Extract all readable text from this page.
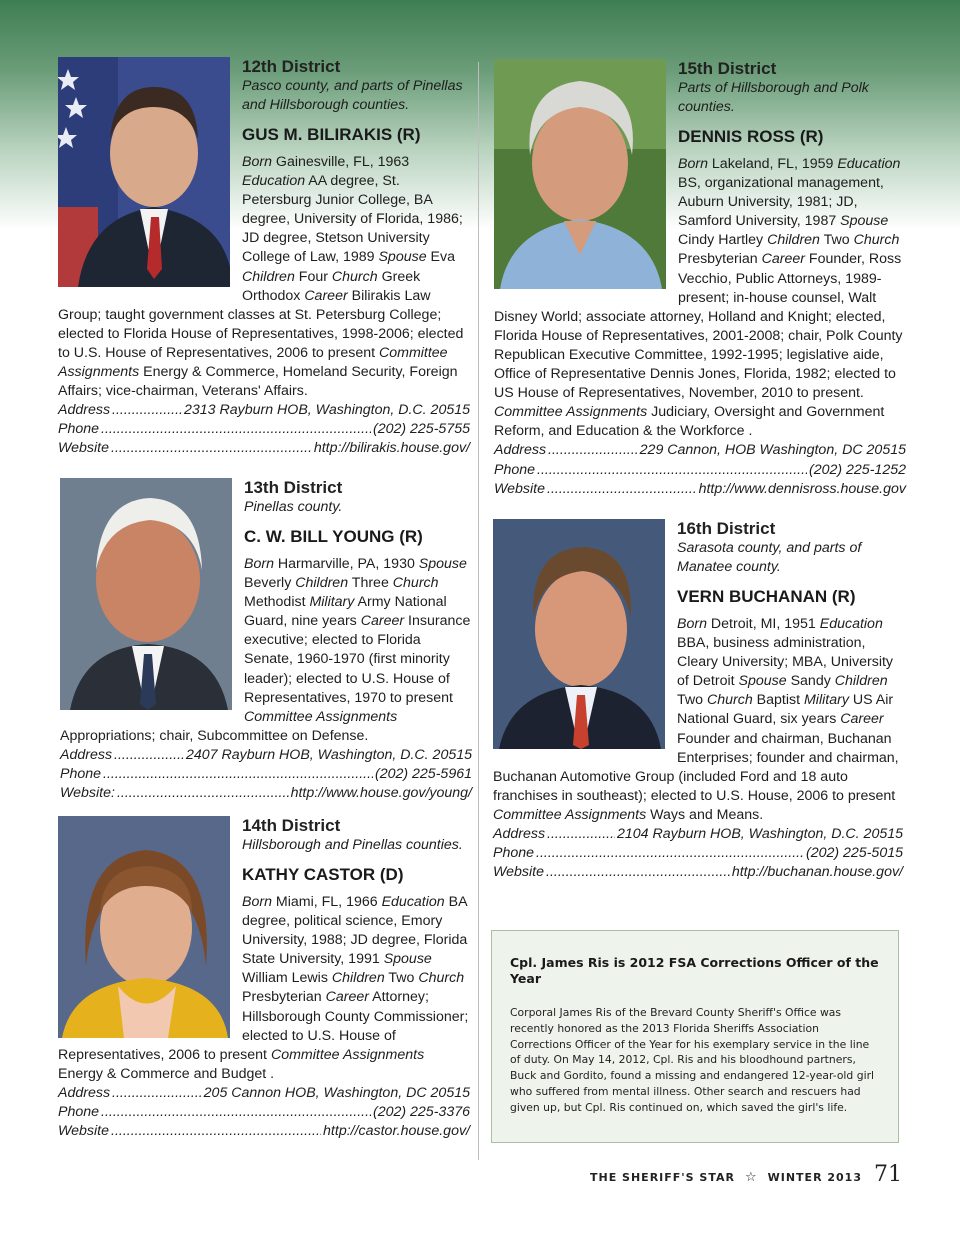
12th District
Pasco county, and parts of Pinellas and Hillsborough counties.
GUS M. BILIRAKIS (R)
Born Gainesville, FL, 1963 Education AA degree, St. Petersburg Junior College, BA degree, University of Florida, 1986; JD degree, Stetson University College of Law, 1989 Spouse Eva Children Four Church Greek Orthodox Career Bilirakis Law Group; taught government classes at St. Petersburg College; elected to Florida House of Representatives, 1998-2006; elected to U.S. House of Representatives, 2006 to present Committee Assignments Energy & Commerce, Homeland Security, Foreign Affairs; vice-chairman, Veterans' Affairs.
Address .....	2313 Rayburn HOB, Washington, D.C. 20515
Phone .....	(202) 225-5755
Website .....	http://bilirakis.house.gov/
13th District
Pinellas county.
C. W. BILL YOUNG (R)
Born Harmarville, PA, 1930 Spouse Beverly Children Three Church Methodist Military Army National Guard, nine years Career Insurance executive; elected to Florida Senate, 1960-1970 (first minority leader); elected to U.S. House of Representatives, 1970 to present Committee Assignments Appropriations; chair, Subcommittee on Defense.
Address .....	2407 Rayburn HOB, Washington, D.C. 20515
Phone .....	(202) 225-5961
Website: .....	http://www.house.gov/young/
14th District
Hillsborough and Pinellas counties.
KATHY CASTOR (D)
Born Miami, FL, 1966 Education BA degree, political science, Emory University, 1988; JD degree, Florida State University, 1991 Spouse William Lewis Children Two Church Presbyterian Career Attorney; Hillsborough County Commissioner; elected to U.S. House of Representatives, 2006 to present Committee Assignments Energy & Commerce and Budget .
Address .....	205 Cannon HOB, Washington, DC 20515
Phone .....	(202) 225-3376
Website .....	http://castor.house.gov/
15th District
Parts of Hillsborough and Polk counties.
DENNIS ROSS (R)
Born Lakeland, FL, 1959 Education BS, organizational management, Auburn University, 1981; JD, Samford University, 1987 Spouse Cindy Hartley Children Two Church Presbyterian Career Founder, Ross Vecchio, Public Attorneys, 1989-present; in-house counsel, Walt Disney World; associate attorney, Holland and Knight; elected, Florida House of Representatives, 2001-2008; chair, Polk County Republican Executive Committee, 1992-1995; legislative aide, Office of Representative Dennis Jones, Florida, 1982; elected to US House of Representatives, November, 2010 to present. Committee Assignments Judiciary, Oversight and Government Reform, and Education & the Workforce .
Address .....	229 Cannon, HOB Washington, DC 20515
Phone .....	(202) 225-1252
Website .....	http://www.dennisross.house.gov
16th District
Sarasota county, and parts of Manatee county.
VERN BUCHANAN (R)
Born Detroit, MI, 1951 Education BBA, business administration, Cleary University; MBA, University of Detroit Spouse Sandy Children Two Church Baptist Military US Air National Guard, six years Career Founder and chairman, Buchanan Enterprises; founder and chairman, Buchanan Automotive Group (included Ford and 18 auto franchises in southeast); elected to U.S. House, 2006 to present Committee Assignments Ways and Means.
Address .....	2104 Rayburn HOB, Washington, D.C. 20515
Phone .....	(202) 225-5015
Website .....	http://buchanan.house.gov/
Cpl. James Ris is 2012 FSA Corrections Officer of the Year

Corporal James Ris of the Brevard County Sheriff's Office was recently honored as the 2013 Florida Sheriffs Association Corrections Officer of the Year for his exemplary service in the line of duty. On May 14, 2012, Cpl. Ris and his bloodhound partners, Buck and Gordito, found a missing and endangered 12-year-old girl who suffered from mental illness. Other search and rescuers had given up, but Cpl. Ris continued on, which saved the girl's life.

THE SHERIFF'S STAR ☆ WINTER 2013 71
